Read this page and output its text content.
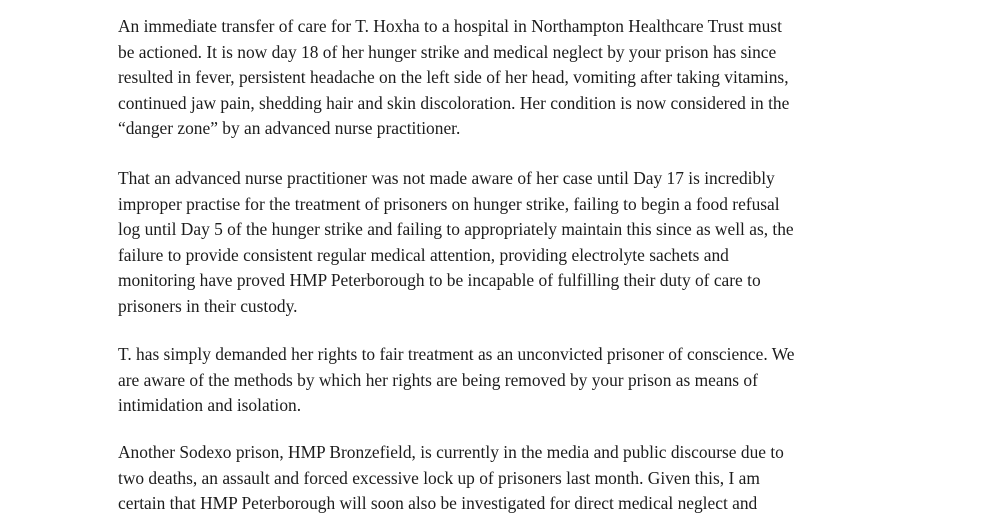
An immediate transfer of care for T. Hoxha to a hospital in Northampton Healthcare Trust must
be actioned. It is now day 18 of her hunger strike and medical neglect by your prison has since
resulted in fever, persistent headache on the left side of her head, vomiting after taking vitamins,
continued jaw pain, shedding hair and skin discoloration. Her condition is now considered in the
“danger zone” by an advanced nurse practitioner.
That an advanced nurse practitioner was not made aware of her case until Day 17 is incredibly
improper practise for the treatment of prisoners on hunger strike, failing to begin a food refusal
log until Day 5 of the hunger strike and failing to appropriately maintain this since as well as, the
failure to provide consistent regular medical attention, providing electrolyte sachets and
monitoring have proved HMP Peterborough to be incapable of fulfilling their duty of care to
prisoners in their custody.
T. has simply demanded her rights to fair treatment as an unconvicted prisoner of conscience. We
are aware of the methods by which her rights are being removed by your prison as means of
intimidation and isolation.
Another Sodexo prison, HMP Bronzefield, is currently in the media and public discourse due to
two deaths, an assault and forced excessive lock up of prisoners last month. Given this, I am
certain that HMP Peterborough will soon also be investigated for direct medical neglect and
